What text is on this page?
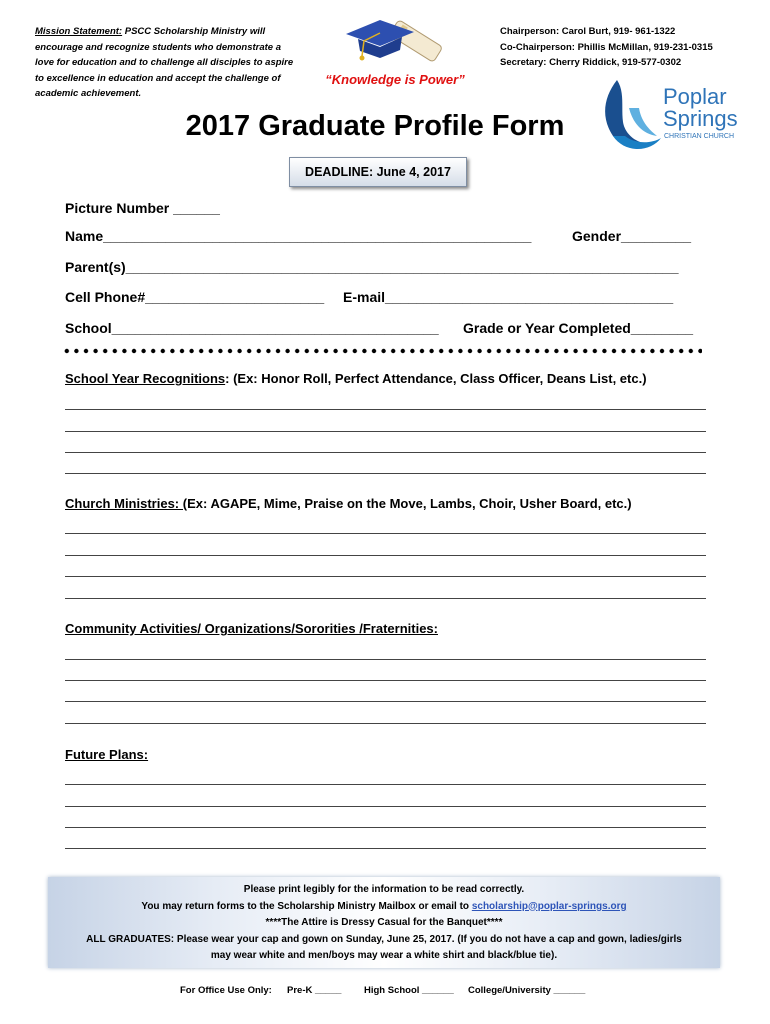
Mission Statement: PSCC Scholarship Ministry will encourage and recognize students who demonstrate a love for education and to challenge all disciples to aspire to excellence in education and accept the challenge of academic achievement.
“Knowledge is Power”
Chairperson: Carol Burt, 919- 961-1322
Co-Chairperson: Phillis McMillan, 919-231-0315
Secretary: Cherry Riddick, 919-577-0302
Poplar
Springs
CHRISTIAN CHURCH
2017 Graduate Profile Form
DEADLINE: June 4, 2017
Picture Number ______
Name_______________________________________________________	Gender_________
Parent(s)_______________________________________________________________________
Cell Phone#_______________________ E-mail_____________________________________
School__________________________________________ Grade or Year Completed________
School Year Recognitions: (Ex: Honor Roll, Perfect Attendance, Class Officer, Deans List, etc.)
Church Ministries: (Ex: AGAPE, Mime, Praise on the Move, Lambs, Choir, Usher Board, etc.)
Community Activities/ Organizations/Sororities /Fraternities:
Future Plans:
Please print legibly for the information to be read correctly.
You may return forms to the Scholarship Ministry Mailbox or email to scholarship@poplar-springs.org
****The Attire is Dressy Casual for the Banquet****
ALL GRADUATES: Please wear your cap and gown on Sunday, June 25, 2017. (If you do not have a cap and gown, ladies/girls
may wear white and men/boys may wear a white shirt and black/blue tie).
For Office Use Only: Pre-K _____ High School ______ College/University ______
